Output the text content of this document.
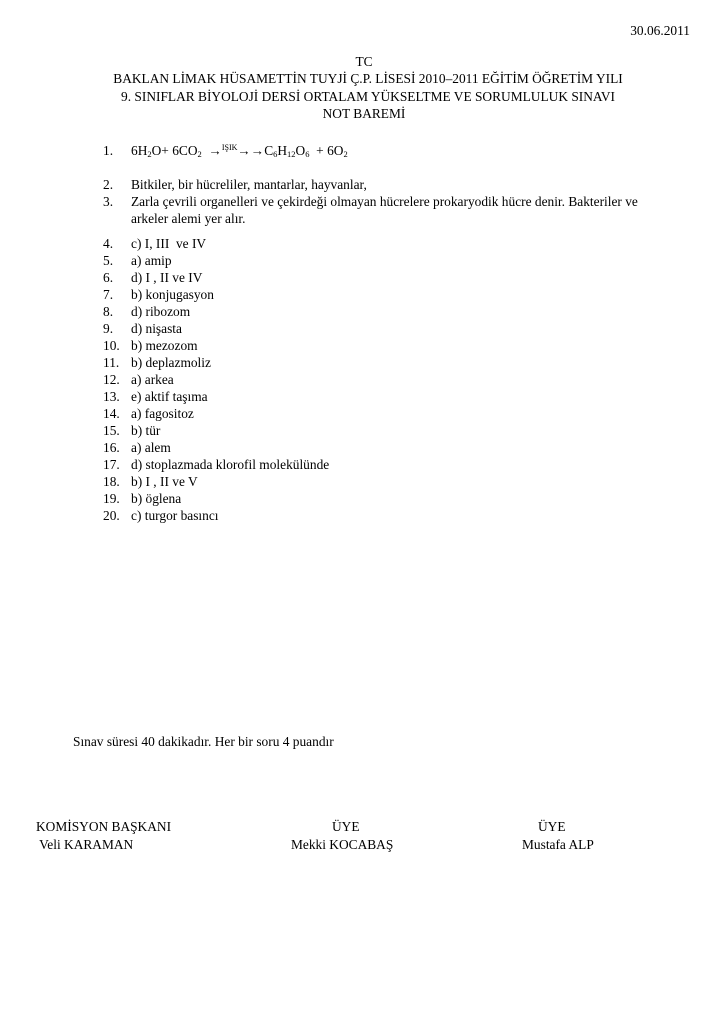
30.06.2011
TC
BAKLAN LİMAK HÜSAMETTİN TUYJİ Ç.P. LİSESİ 2010–2011 EĞİTİM ÖĞRETİM YILI
9. SINIFLAR BİYOLOJİ DERSİ ORTALAM YÜKSELTME VE SORUMLULUK SINAVI
NOT BAREMİ
1. $6H_2O+ 6CO_2 \to^{IŞIK}\to\to C_6H_{12}O_6 + 6O_2$
2. Bitkiler, bir hücreliler, mantarlar, hayvanlar,
3. Zarla çevrili organelleri ve çekirdeği olmayan hücrelere prokaryodik hücre denir. Bakteriler ve
arkeler alemi yer alır.
4. c) I, III  ve IV
5. a) amip
6. d) I , II ve IV
7. b) konjugasyon
8. d) ribozom
9. d) nişasta
10. b) mezozom
11. b) deplazmoliz
12. a) arkea
13. e) aktif taşıma
14. a) fagositoz
15. b) tür
16. a) alem
17. d) stoplazmada klorofil molekülünde
18. b) I , II ve V
19. b) öglena
20. c) turgor basıncı
Sınav süresi 40 dakikadır. Her bir soru 4 puandır
KOMİSYON BAŞKANI
Veli KARAMAN
ÜYE
Mekki KOCABAŞ
ÜYE
Mustafa ALP
